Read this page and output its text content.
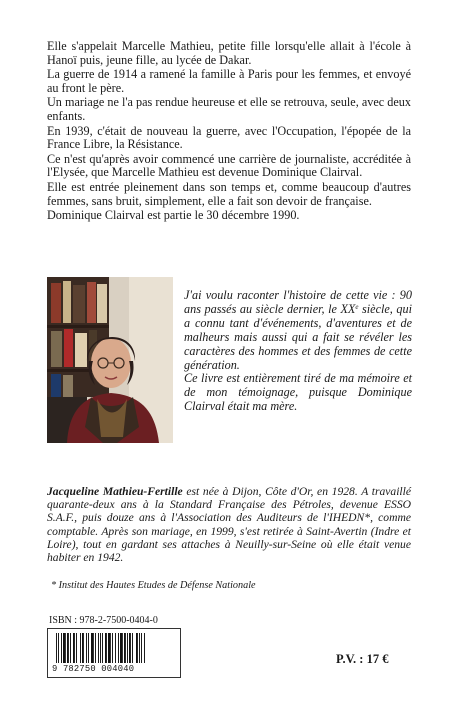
Elle s'appelait Marcelle Mathieu, petite fille lorsqu'elle allait à l'école à Hanoï puis, jeune fille, au lycée de Dakar.

La guerre de 1914 a ramené la famille à Paris pour les femmes, et envoyé au front le père.

Un mariage ne l'a pas rendue heureuse et elle se retrouva, seule, avec deux enfants.

En 1939, c'était de nouveau la guerre, avec l'Occupation, l'épopée de la France Libre, la Résistance.

Ce n'est qu'après avoir commencé une carrière de journaliste, accréditée à l'Elysée, que Marcelle Mathieu est devenue Dominique Clairval.

Elle est entrée pleinement dans son temps et, comme beaucoup d'autres femmes, sans bruit, simplement, elle a fait son devoir de française.

Dominique Clairval est partie le 30 décembre 1990.

J'ai voulu raconter l'histoire de cette vie : 90 ans passés au siècle dernier, le XXe siècle, qui a connu tant d'événements, d'aventures et de malheurs mais aussi qui a fait se révéler les caractères des hommes et des femmes de cette génération.

Ce livre est entièrement tiré de ma mémoire et de mon témoignage, puisque Dominique Clairval était ma mère.

Jacqueline Mathieu-Fertille est née à Dijon, Côte d'Or, en 1928. A travaillé quarante-deux ans à la Standard Française des Pétroles, devenue ESSO S.A.F., puis douze ans à l'Association des Auditeurs de l'IHEDN*, comme comptable. Après son mariage, en 1999, s'est retirée à Saint-Avertin (Indre et Loire), tout en gardant ses attaches à Neuilly-sur-Seine où elle était venue habiter en 1942.

* Institut des Hautes Etudes de Défense Nationale
ISBN : 978-2-7500-0404-0
9 782750 004040
P.V. : 17 €
